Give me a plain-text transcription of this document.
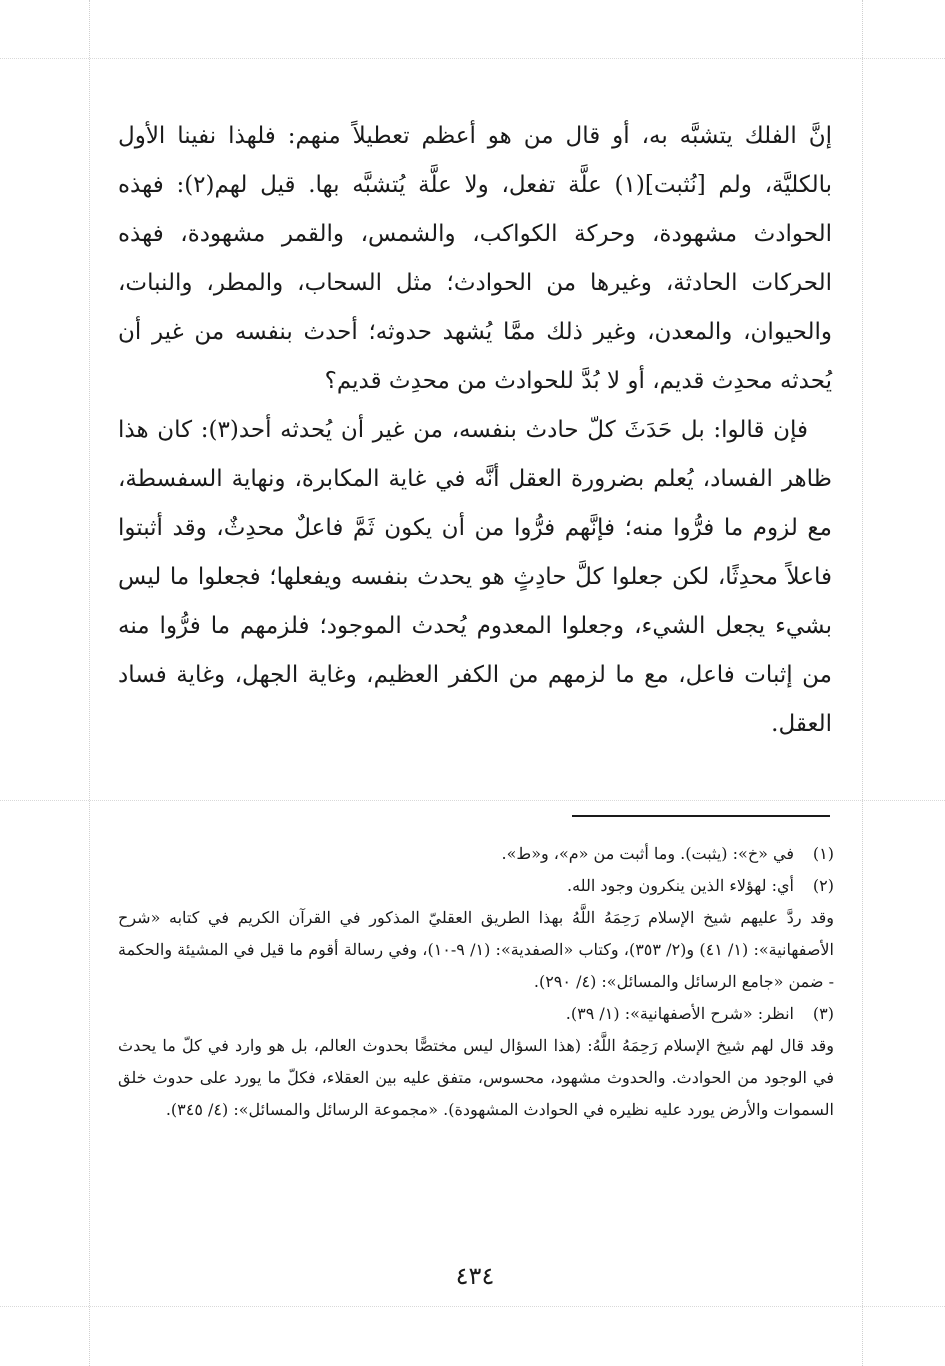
إنَّ الفلك يتشبَّه به، أو قال من هو أعظم تعطيلاً منهم: فلهذا نفينا الأول بالكليَّة، ولم [نُثبت](١) علَّة تفعل، ولا علَّة يُتشبَّه بها. قيل لهم(٢): فهذه الحوادث مشهودة، وحركة الكواكب، والشمس، والقمر مشهودة، فهذه الحركات الحادثة، وغيرها من الحوادث؛ مثل السحاب، والمطر، والنبات، والحيوان، والمعدن، وغير ذلك ممَّا يُشهد حدوثه؛ أحدث بنفسه من غير أن يُحدثه محدِث قديم، أو لا بُدَّ للحوادث من محدِث قديم؟

فإن قالوا: بل حَدَثَ كلّ حادث بنفسه، من غير أن يُحدثه أحد(٣): كان هذا ظاهر الفساد، يُعلم بضرورة العقل أنَّه في غاية المكابرة، ونهاية السفسطة، مع لزوم ما فرُّوا منه؛ فإنَّهم فرُّوا من أن يكون ثَمَّ فاعلٌ محدِثٌ، وقد أثبتوا فاعلاً محدِثًا، لكن جعلوا كلَّ حادِثٍ هو يحدث بنفسه ويفعلها؛ فجعلوا ما ليس بشيء يجعل الشيء، وجعلوا المعدوم يُحدث الموجود؛ فلزمهم ما فرُّوا منه من إثبات فاعل، مع ما لزمهم من الكفر العظيم، وغاية الجهل، وغاية فساد العقل.

(١)
في «خ»: (يثبت). وما أثبت من «م»، و«ط».
(٢)
أي: لهؤلاء الذين ينكرون وجود الله.

وقد ردَّ عليهم شيخ الإسلام رَحِمَهُ اللَّهُ بهذا الطريق العقليّ المذكور في القرآن الكريم في كتابه «شرح الأصفهانية»: (١/ ٤١) و(٢/ ٣٥٣)، وكتاب «الصفدية»: (١/ ٩-١٠)، وفي رسالة أقوم ما قيل في المشيئة والحكمة - ضمن «جامع الرسائل والمسائل»: (٤/ ٢٩٠).

(٣)
انظر: «شرح الأصفهانية»: (١/ ٣٩).

وقد قال لهم شيخ الإسلام رَحِمَهُ اللَّهُ: (هذا السؤال ليس مختصًّا بحدوث العالم، بل هو وارد في كلّ ما يحدث في الوجود من الحوادث. والحدوث مشهود، محسوس، متفق عليه بين العقلاء، فكلّ ما يورد على حدوث خلق السموات والأرض يورد عليه نظيره في الحوادث المشهودة). «مجموعة الرسائل والمسائل»: (٤/ ٣٤٥).

٤٣٤
